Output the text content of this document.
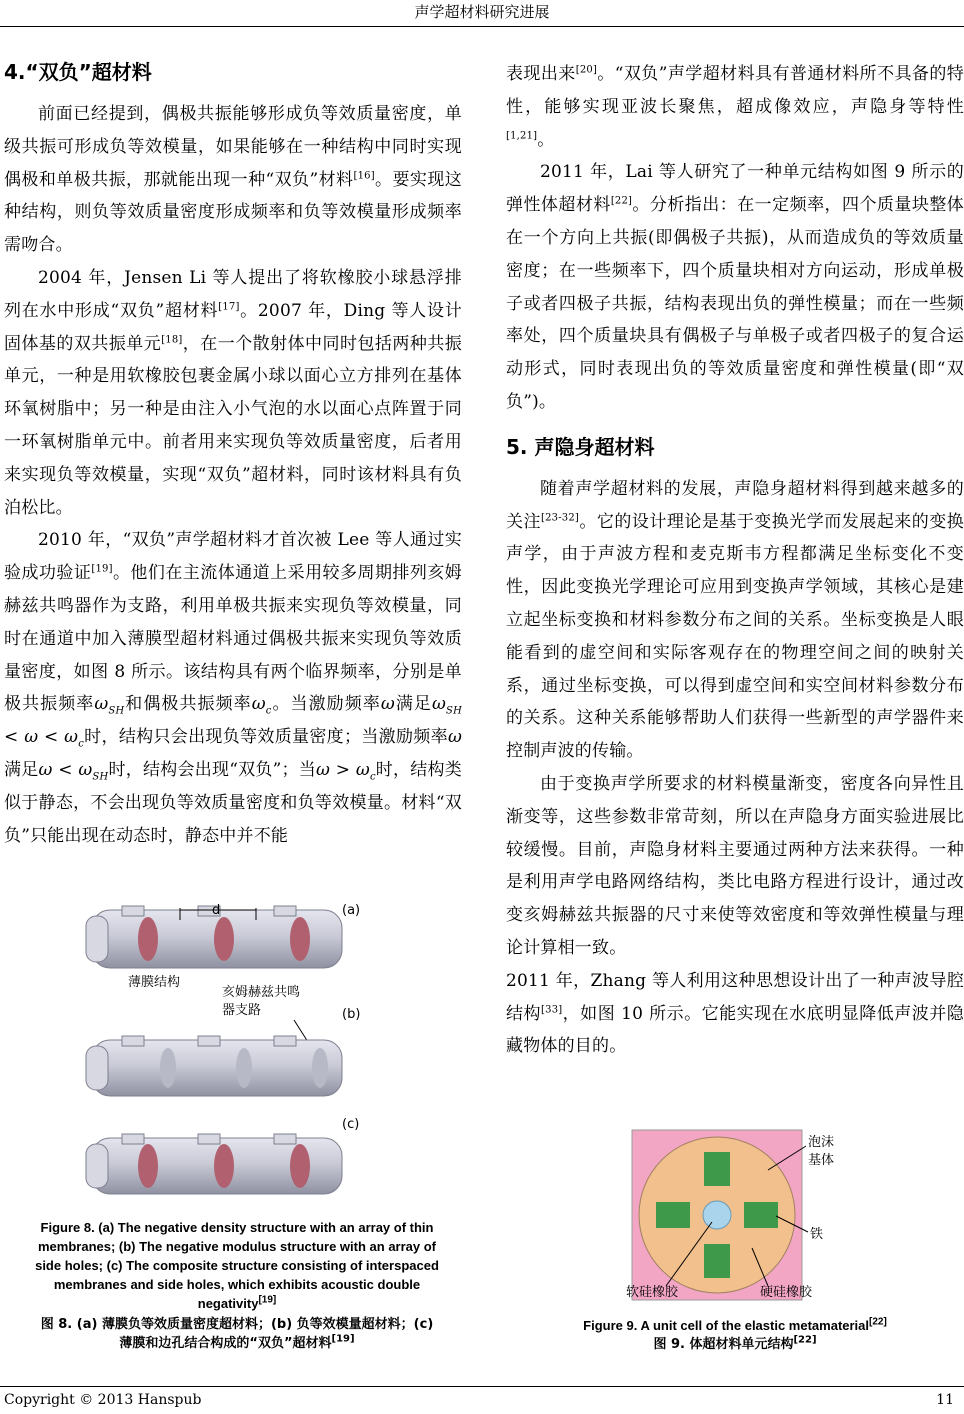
声学超材料研究进展
4.“双负”超材料

前面已经提到，偶极共振能够形成负等效质量密度，单级共振可形成负等效模量，如果能够在一种结构中同时实现偶极和单极共振，那就能出现一种“双负”材料[16]。要实现这种结构，则负等效质量密度形成频率和负等效模量形成频率需吻合。

2004 年，Jensen Li 等人提出了将软橡胶小球悬浮排列在水中形成“双负”超材料[17]。2007 年，Ding 等人设计固体基的双共振单元[18]，在一个散射体中同时包括两种共振单元，一种是用软橡胶包裹金属小球以面心立方排列在基体环氧树脂中；另一种是由注入小气泡的水以面心点阵置于同一环氧树脂单元中。前者用来实现负等效质量密度，后者用来实现负等效模量，实现“双负”超材料，同时该材料具有负泊松比。

2010 年，“双负”声学超材料才首次被 Lee 等人通过实验成功验证[19]。他们在主流体通道上采用较多周期排列亥姆赫兹共鸣器作为支路，利用单极共振来实现负等效模量，同时在通道中加入薄膜型超材料通过偶极共振来实现负等效质量密度，如图 8 所示。该结构具有两个临界频率，分别是单极共振频率$\omega_{SH}$和偶极共振频率$\omega_c$。当激励频率ω满足$\omega_{SH} < \omega < \omega_c$时，结构只会出现负等效质量密度；当激励频率ω满足$\omega < \omega_{SH}$时，结构会出现“双负”；当$\omega > \omega_c$时，结构类似于静态，不会出现负等效质量密度和负等效模量。材料“双负”只能出现在动态时，静态中并不能

d	(a)
薄膜结构
亥姆赫兹共鸣
器支路	(b)
(c)
Figure 8. (a) The negative density structure with an array of thin
membranes; (b) The negative modulus structure with an array of
side holes; (c) The composite structure consisting of interspaced
membranes and side holes, which exhibits acoustic double
negativity[19]
图 8. (a) 薄膜负等效质量密度超材料；(b) 负等效模量超材料；(c)
薄膜和边孔结合构成的“双负”超材料[19]

表现出来[20]。“双负”声学超材料具有普通材料所不具备的特性，能够实现亚波长聚焦，超成像效应，声隐身等特性[1,21]。

2011 年，Lai 等人研究了一种单元结构如图 9 所示的弹性体超材料[22]。分析指出：在一定频率，四个质量块整体在一个方向上共振(即偶极子共振)，从而造成负的等效质量密度；在一些频率下，四个质量块相对方向运动，形成单极子或者四极子共振，结构表现出负的弹性模量；而在一些频率处，四个质量块具有偶极子与单极子或者四极子的复合运动形式，同时表现出负的等效质量密度和弹性模量(即“双负”)。

5. 声隐身超材料

随着声学超材料的发展，声隐身超材料得到越来越多的关注[23-32]。它的设计理论是基于变换光学而发展起来的变换声学，由于声波方程和麦克斯韦方程都满足坐标变化不变性，因此变换光学理论可应用到变换声学领域，其核心是建立起坐标变换和材料参数分布之间的关系。坐标变换是人眼能看到的虚空间和实际客观存在的物理空间之间的映射关系，通过坐标变换，可以得到虚空间和实空间材料参数分布的关系。这种关系能够帮助人们获得一些新型的声学器件来控制声波的传输。

由于变换声学所要求的材料模量渐变，密度各向异性且渐变等，这些参数非常苛刻，所以在声隐身方面实验进展比较缓慢。目前，声隐身材料主要通过两种方法来获得。一种是利用声学电路网络结构，类比电路方程进行设计，通过改变亥姆赫兹共振器的尺寸来使等效密度和等效弹性模量与理论计算相一致。

2011 年，Zhang 等人利用这种思想设计出了一种声波导腔结构[33]，如图 10 所示。它能实现在水底明显降低声波并隐藏物体的目的。

泡沫
基体
铁
软硅橡胶	硬硅橡胶
Figure 9. A unit cell of the elastic metamaterial[22]
图 9. 体超材料单元结构[22]
Copyright © 2013 Hanspub	11
